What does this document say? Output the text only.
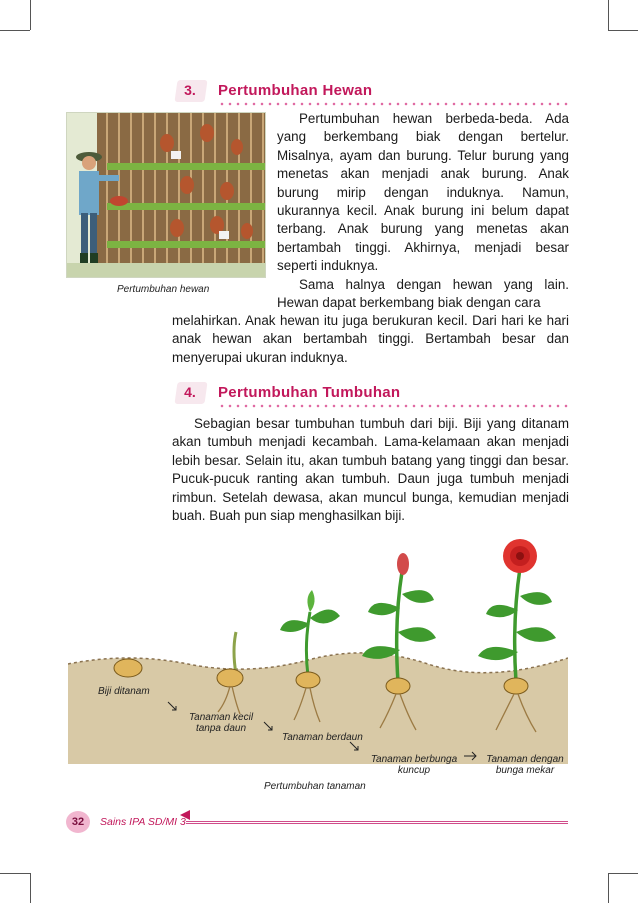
3. Pertumbuhan Hewan
Pertumbuhan hewan

Pertumbuhan hewan berbeda-beda. Ada yang berkembang biak dengan bertelur. Misalnya, ayam dan burung. Telur burung yang menetas akan menjadi anak burung. Anak burung mirip dengan induknya. Namun, ukurannya kecil. Anak burung ini belum dapat terbang. Anak burung yang menetas akan bertambah tinggi. Akhirnya, menjadi besar seperti induknya.

Sama halnya dengan hewan yang lain. Hewan dapat berkembang biak dengan cara

melahirkan. Anak hewan itu juga berukuran kecil. Dari hari ke hari anak hewan akan bertambah tinggi. Bertambah besar dan menyerupai ukuran induknya.
4. Pertumbuhan Tumbuhan

Sebagian besar tumbuhan tumbuh dari biji. Biji yang ditanam akan tumbuh menjadi kecambah. Lama-kelamaan akan menjadi lebih besar. Selain itu, akan tumbuh batang yang tinggi dan besar. Pucuk-pucuk ranting akan tumbuh. Daun juga tumbuh menjadi rimbun. Setelah dewasa, akan muncul bunga, kemudian menjadi buah. Buah pun siap menghasilkan biji.

Biji ditanam
Tanaman kecil
tanpa daun
Tanaman berdaun
Tanaman berbunga
kuncup
Tanaman dengan
bunga mekar
Pertumbuhan tanaman
32	Sains IPA SD/MI 3
